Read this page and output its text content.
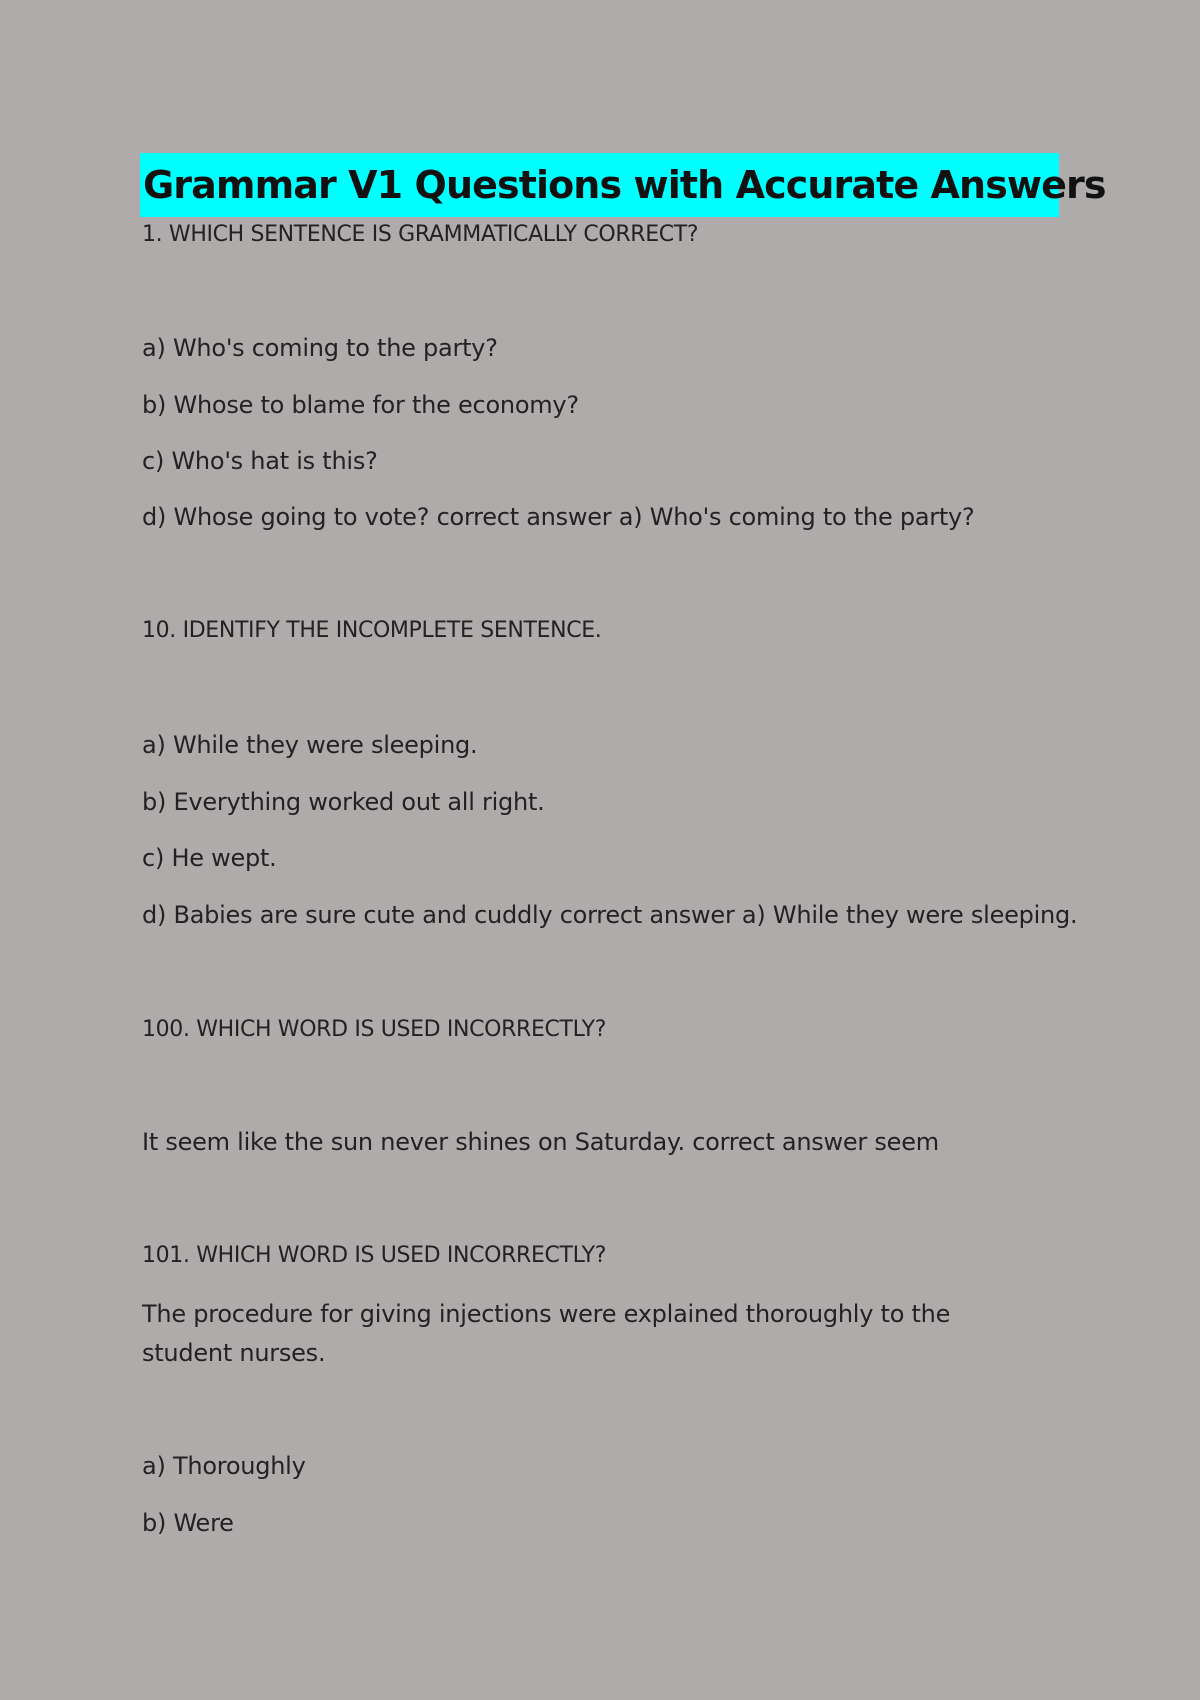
Grammar V1 Questions with Accurate Answers
1. WHICH SENTENCE IS GRAMMATICALLY CORRECT?
a) Who's coming to the party?
b) Whose to blame for the economy?
c) Who's hat is this?
d) Whose going to vote? correct answer a) Who's coming to the party?
10. IDENTIFY THE INCOMPLETE SENTENCE.
a) While they were sleeping.
b) Everything worked out all right.
c) He wept.
d) Babies are sure cute and cuddly correct answer a) While they were sleeping.
100. WHICH WORD IS USED INCORRECTLY?
It seem like the sun never shines on Saturday. correct answer seem
101. WHICH WORD IS USED INCORRECTLY?
The procedure for giving injections were explained thoroughly to the student nurses.
a) Thoroughly
b) Were
